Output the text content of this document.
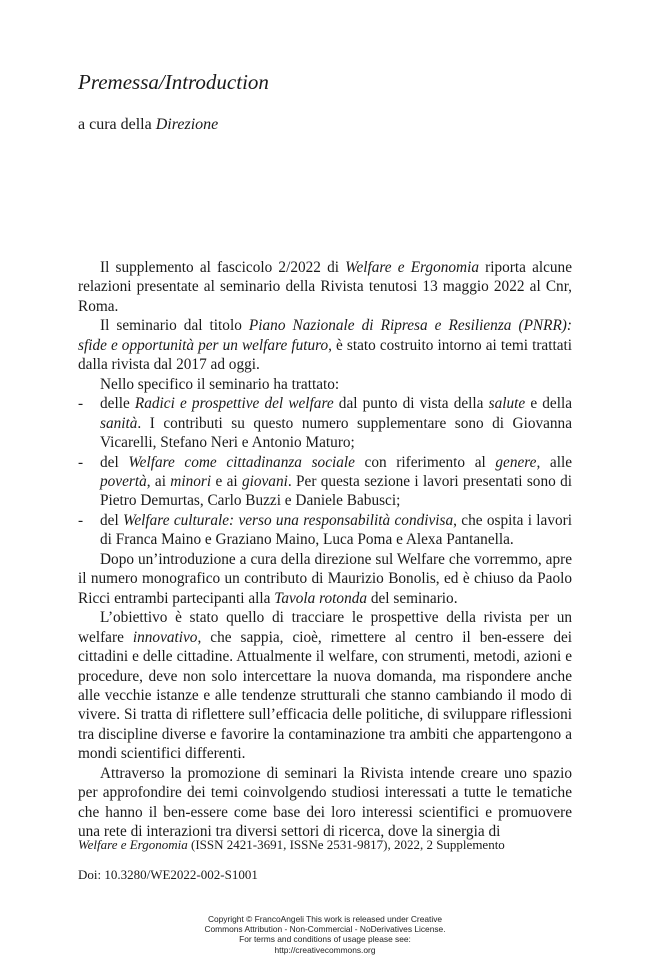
Premessa/Introduction
a cura della Direzione

Il supplemento al fascicolo 2/2022 di Welfare e Ergonomia riporta alcune relazioni presentate al seminario della Rivista tenutosi 13 maggio 2022 al Cnr, Roma.

Il seminario dal titolo Piano Nazionale di Ripresa e Resilienza (PNRR): sfide e opportunità per un welfare futuro, è stato costruito intorno ai temi trattati dalla rivista dal 2017 ad oggi.

Nello specifico il seminario ha trattato:

- delle Radici e prospettive del welfare dal punto di vista della salute e della sanità. I contributi su questo numero supplementare sono di Giovanna Vicarelli, Stefano Neri e Antonio Maturo;

- del Welfare come cittadinanza sociale con riferimento al genere, alle povertà, ai minori e ai giovani. Per questa sezione i lavori presentati sono di Pietro Demurtas, Carlo Buzzi e Daniele Babusci;

- del Welfare culturale: verso una responsabilità condivisa, che ospita i lavori di Franca Maino e Graziano Maino, Luca Poma e Alexa Pantanella.

Dopo un’introduzione a cura della direzione sul Welfare che vorremmo, apre il numero monografico un contributo di Maurizio Bonolis, ed è chiuso da Paolo Ricci entrambi partecipanti alla Tavola rotonda del seminario.

L’obiettivo è stato quello di tracciare le prospettive della rivista per un welfare innovativo, che sappia, cioè, rimettere al centro il ben-essere dei cittadini e delle cittadine. Attualmente il welfare, con strumenti, metodi, azioni e procedure, deve non solo intercettare la nuova domanda, ma rispondere anche alle vecchie istanze e alle tendenze strutturali che stanno cambiando il modo di vivere. Si tratta di riflettere sull’efficacia delle politiche, di sviluppare riflessioni tra discipline diverse e favorire la contaminazione tra ambiti che appartengono a mondi scientifici differenti.

Attraverso la promozione di seminari la Rivista intende creare uno spazio per approfondire dei temi coinvolgendo studiosi interessati a tutte le tematiche che hanno il ben-essere come base dei loro interessi scientifici e promuovere una rete di interazioni tra diversi settori di ricerca, dove la sinergia di

Welfare e Ergonomia (ISSN 2421-3691, ISSNe 2531-9817), 2022, 2 Supplemento
Doi: 10.3280/WE2022-002-S1001
Copyright © FrancoAngeli This work is released under Creative
Commons Attribution - Non-Commercial - NoDerivatives License.
For terms and conditions of usage please see:
http://creativecommons.org
